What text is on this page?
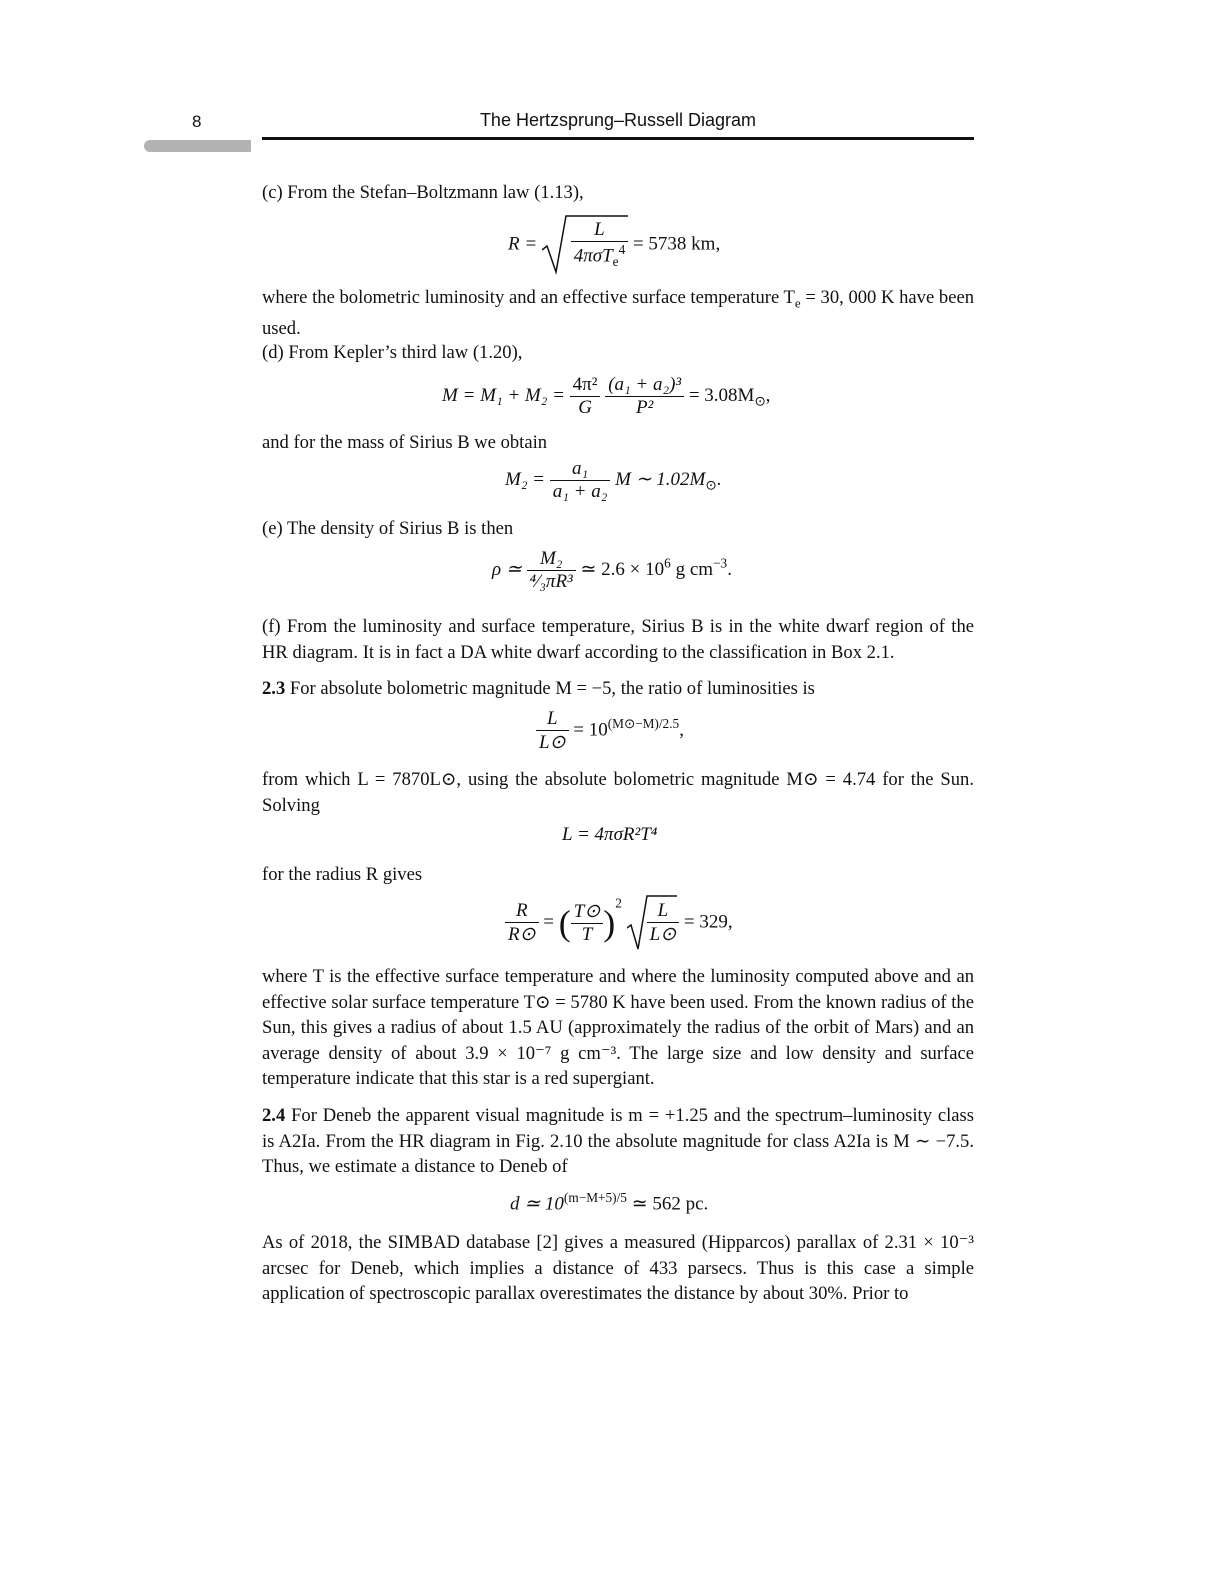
8	The Hertzsprung–Russell Diagram

(c) From the Stefan–Boltzmann law (1.13),

$R = \frac{L}{4\pi\sigma T_e^4} = 5738$ km,

where the bolometric luminosity and an effective surface temperature $T_e = 30$, 000 K have been used.

(d) From Kepler’s third law (1.20),

$M = M_1 + M_2 = \frac{\text{4π²}}{G}$
$\frac{\text{(a₁ + a₂)³}}{\text{P²}} = 3.08M_⊙$,

and for the mass of Sirius B we obtain

$M_2 = \frac{\text{a₁}}{\text{a₁ + a₂}}$ M ∼ $1.02M_⊙$.

(e) The density of Sirius B is then

ρ ≃ $\frac{\text{M₂}}{\text{⁴⁄₃πR³}}$ ≃ $2.6 \times 10^6$ g $cm^{-3}$.

(f) From the luminosity and surface temperature, Sirius B is in the white dwarf region of the HR diagram. It is in fact a DA white dwarf according to the classification in Box 2.1.

2.3 For absolute bolometric magnitude M = −5, the ratio of luminosities is

$\frac{L}{L⊙} = 10^{(M⊙-M)/2.5}$,

from which L = 7870L⊙, using the absolute bolometric magnitude M⊙ = 4.74 for the Sun. Solving

L = 4πσR²T⁴

for the radius R gives

$\frac{R}{R⊙}$ = ( $\frac{T⊙}{T} )^2 \frac{L}{L⊙} = 329$,

where T is the effective surface temperature and where the luminosity computed above and an effective solar surface temperature T⊙ = 5780 K have been used. From the known radius of the Sun, this gives a radius of about 1.5 AU (approximately the radius of the orbit of Mars) and an average density of about 3.9 × 10⁻⁷ g cm⁻³. The large size and low density and surface temperature indicate that this star is a red supergiant.

2.4 For Deneb the apparent visual magnitude is m = +1.25 and the spectrum–luminosity class is A2Ia. From the HR diagram in Fig. 2.10 the absolute magnitude for class A2Ia is M ∼ −7.5. Thus, we estimate a distance to Deneb of

d ≃ $10^{(m-M+5)/5}$ ≃ 562 pc.

As of 2018, the SIMBAD database [2] gives a measured (Hipparcos) parallax of 2.31 × 10⁻³ arcsec for Deneb, which implies a distance of 433 parsecs. Thus is this case a simple application of spectroscopic parallax overestimates the distance by about 30%. Prior to
